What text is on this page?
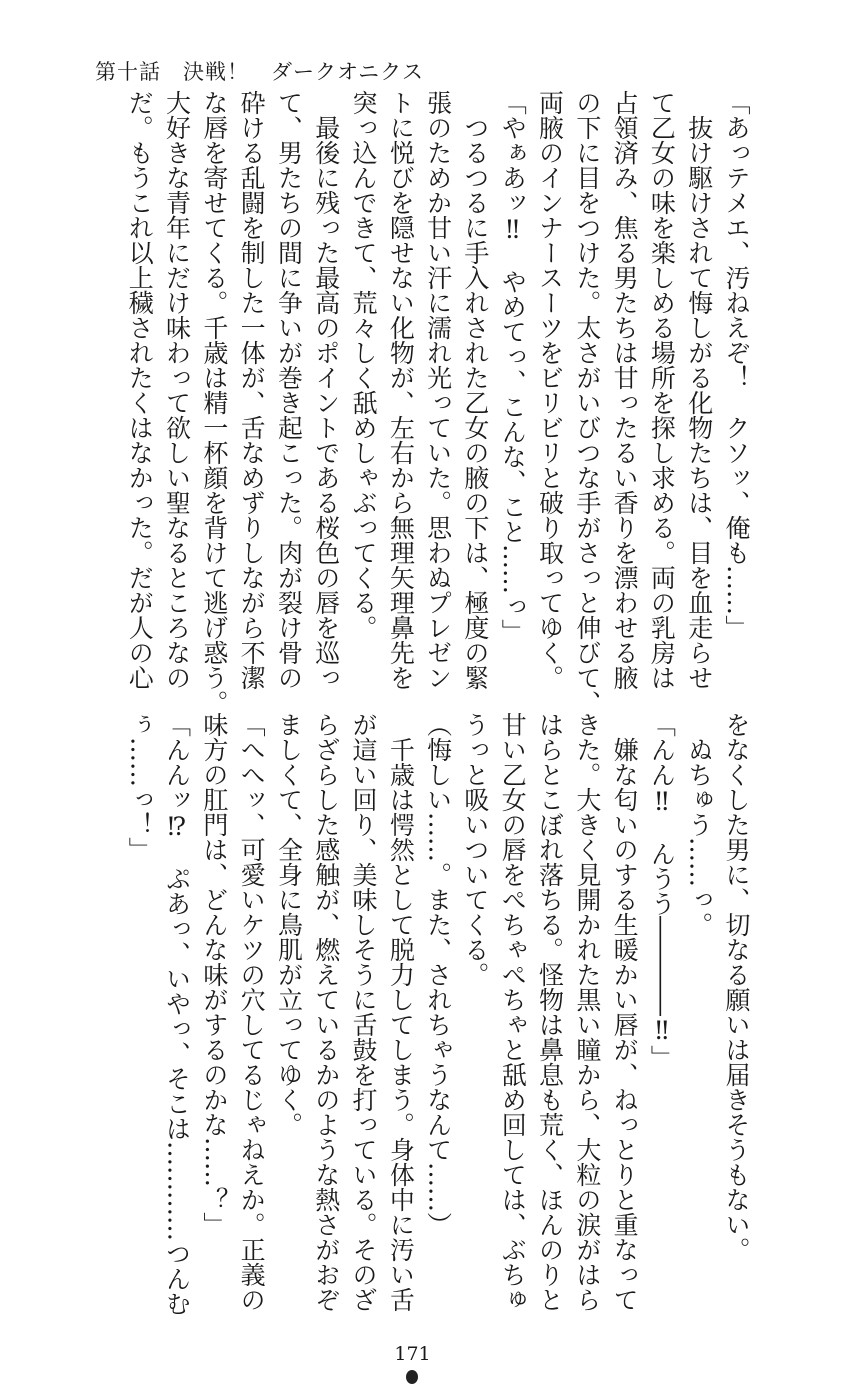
第十話　決戦！　ダークオニクス
「あっテメエ、汚ねえぞ！　クソッ、俺も……」
　抜け駆けされて悔しがる化物たちは、目を血走らせ
て乙女の味を楽しめる場所を探し求める。両の乳房は
占領済み、焦る男たちは甘ったるい香りを漂わせる腋
の下に目をつけた。太さがいびつな手がさっと伸びて、
両腋のインナースーツをビリビリと破り取ってゆく。
「やぁあッ‼　やめてっ、こんな、こと……っ」
　つるつるに手入れされた乙女の腋の下は、極度の緊
張のためか甘い汗に濡れ光っていた。思わぬプレゼン
トに悦びを隠せない化物が、左右から無理矢理鼻先を
突っ込んできて、荒々しく舐めしゃぶってくる。
　最後に残った最高のポイントである桜色の唇を巡っ
て、男たちの間に争いが巻き起こった。肉が裂け骨の
砕ける乱闘を制した一体が、舌なめずりしながら不潔
な唇を寄せてくる。千歳は精一杯顔を背けて逃げ惑う。
大好きな青年にだけ味わって欲しい聖なるところなの
だ。もうこれ以上穢されたくはなかった。だが人の心
をなくした男に、切なる願いは届きそうもない。
　ぬちゅう……っ。
「んん‼　んうう――――‼」
　嫌な匂いのする生暖かい唇が、ねっとりと重なって
きた。大きく見開かれた黒い瞳から、大粒の涙がはら
はらとこぼれ落ちる。怪物は鼻息も荒く、ほんのりと
甘い乙女の唇をぺちゃぺちゃと舐め回しては、ぶちゅ
うっと吸いついてくる。
（悔しい……。また、されちゃうなんて……）
　千歳は愕然として脱力してしまう。身体中に汚い舌
が這い回り、美味しそうに舌鼓を打っている。そのざ
らざらした感触が、燃えているかのような熱さがおぞ
ましくて、全身に鳥肌が立ってゆく。
「へへッ、可愛いケツの穴してるじゃねえか。正義の
味方の肛門は、どんな味がするのかな……？」
「んんッ⁉　ぷあっ、いやっ、そこは…………つんむ
ぅ……っ！」
171
